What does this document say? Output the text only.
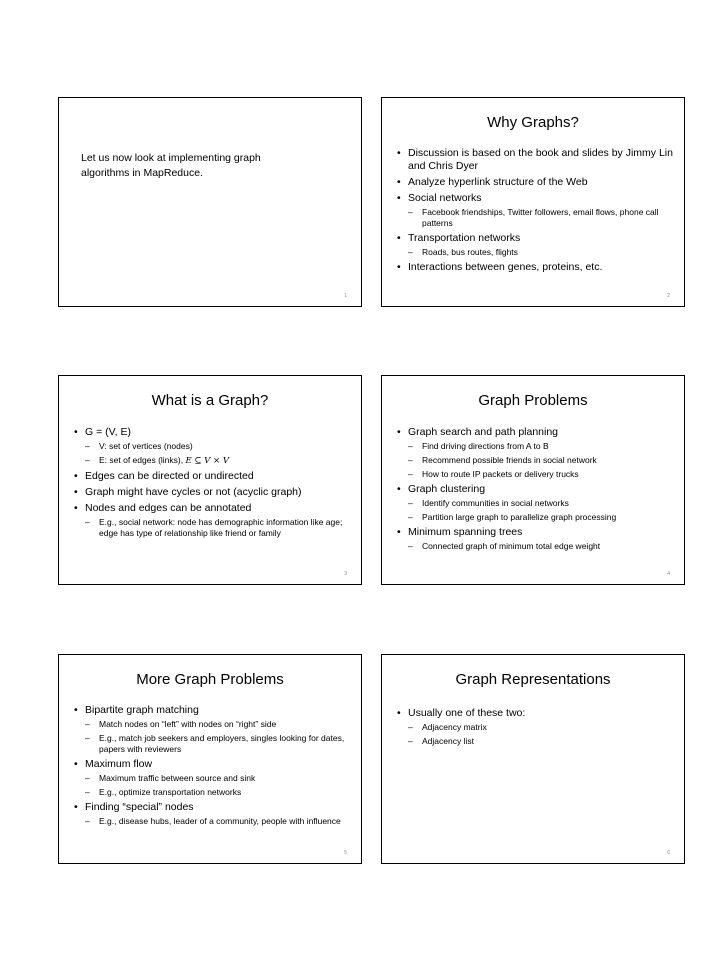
Let us now look at implementing graph algorithms in MapReduce.
1
Why Graphs?
• Discussion is based on the book and slides by Jimmy Lin and Chris Dyer
• Analyze hyperlink structure of the Web
• Social networks
– Facebook friendships, Twitter followers, email flows, phone call patterns
• Transportation networks
– Roads, bus routes, flights
• Interactions between genes, proteins, etc.
2
What is a Graph?
• G = (V, E)
– V: set of vertices (nodes)
– E: set of edges (links), E ⊆ V × V
• Edges can be directed or undirected
• Graph might have cycles or not (acyclic graph)
• Nodes and edges can be annotated
– E.g., social network: node has demographic information like age; edge has type of relationship like friend or family
3
Graph Problems
• Graph search and path planning
– Find driving directions from A to B
– Recommend possible friends in social network
– How to route IP packets or delivery trucks
• Graph clustering
– Identify communities in social networks
– Partition large graph to parallelize graph processing
• Minimum spanning trees
– Connected graph of minimum total edge weight
4
More Graph Problems
• Bipartite graph matching
– Match nodes on “left” with nodes on “right” side
– E.g., match job seekers and employers, singles looking for dates, papers with reviewers
• Maximum flow
– Maximum traffic between source and sink
– E.g., optimize transportation networks
• Finding “special” nodes
– E.g., disease hubs, leader of a community, people with influence
5
Graph Representations
• Usually one of these two:
– Adjacency matrix
– Adjacency list
6
